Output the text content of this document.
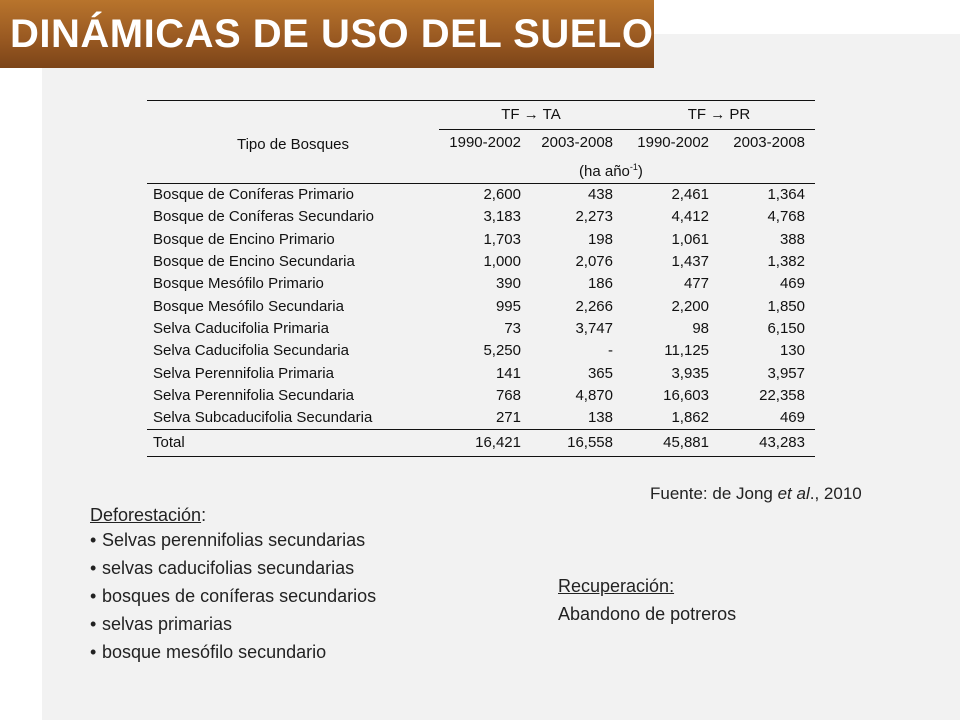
DINÁMICAS DE USO DEL SUELO
Tipo de Bosques	TF → TA		TF → PR	
	1990-2002	2003-2008	1990-2002	2003-2008
	(ha año$^{-1}$)			
Bosque de Coníferas Primario	2,600	438	2,461	1,364
Bosque de Coníferas Secundario	3,183	2,273	4,412	4,768
Bosque de Encino Primario	1,703	198	1,061	388
Bosque de Encino Secundaria	1,000	2,076	1,437	1,382
Bosque Mesófilo Primario	390	186	477	469
Bosque Mesófilo Secundaria	995	2,266	2,200	1,850
Selva Caducifolia Primaria	73	3,747	98	6,150
Selva Caducifolia Secundaria	5,250	-	11,125	130
Selva Perennifolia Primaria	141	365	3,935	3,957
Selva Perennifolia Secundaria	768	4,870	16,603	22,358
Selva Subcaducifolia Secundaria	271	138	1,862	469
Total	16,421	16,558	45,881	43,283
Fuente: de Jong et al., 2010
Deforestación:
• Selvas perennifolias secundarias
• selvas caducifolias secundarias
• bosques de coníferas secundarios
• selvas primarias
• bosque mesófilo secundario
Recuperación:
Abandono de potreros
